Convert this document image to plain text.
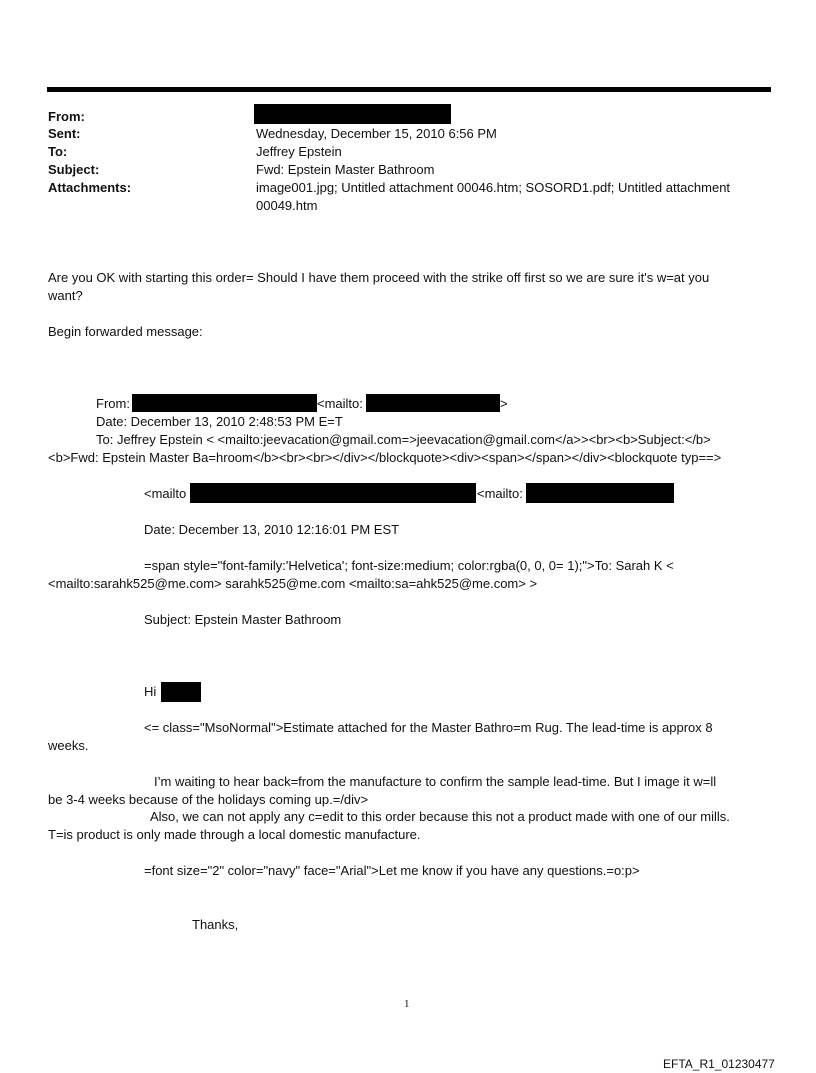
From:
Sent:	Wednesday, December 15, 2010 6:56 PM
To:	Jeffrey Epstein
Subject:	Fwd: Epstein Master Bathroom
Attachments:	image001.jpg; Untitled attachment 00046.htm; SOSORD1.pdf; Untitled attachment
00049.htm
Are you OK with starting this order= Should I have them proceed with the strike off first so we are sure it's w=at you
want?
Begin forwarded message:
From:	<mailto:	>
Date: December 13, 2010 2:48:53 PM E=T
To: Jeffrey Epstein < <mailto:jeevacation@gmail.com=>jeevacation@gmail.com</a>><br><b>Subject:</b>
<b>Fwd: Epstein Master Ba=hroom</b><br><br></div></blockquote><div><span></span></div><blockquote typ==>
<mailto	<mailto:
Date: December 13, 2010 12:16:01 PM EST
=span style="font-family:'Helvetica'; font-size:medium; color:rgba(0, 0, 0= 1);">To: Sarah K <
<mailto:sarahk525@me.com> sarahk525@me.com <mailto:sa=ahk525@me.com> >
Subject: Epstein Master Bathroom
Hi
<= class="MsoNormal">Estimate attached for the Master Bathro=m Rug. The lead-time is approx 8
weeks.
I’m waiting to hear back=from the manufacture to confirm the sample lead-time. But I image it w=ll
be 3-4 weeks because of the holidays coming up.=/div>
Also, we can not apply any c=edit to this order because this not a product made with one of our mills.
T=is product is only made through a local domestic manufacture.
=font size="2" color="navy" face="Arial">Let me know if you have any questions.=o:p>
Thanks,
1
EFTA_R1_01230477
